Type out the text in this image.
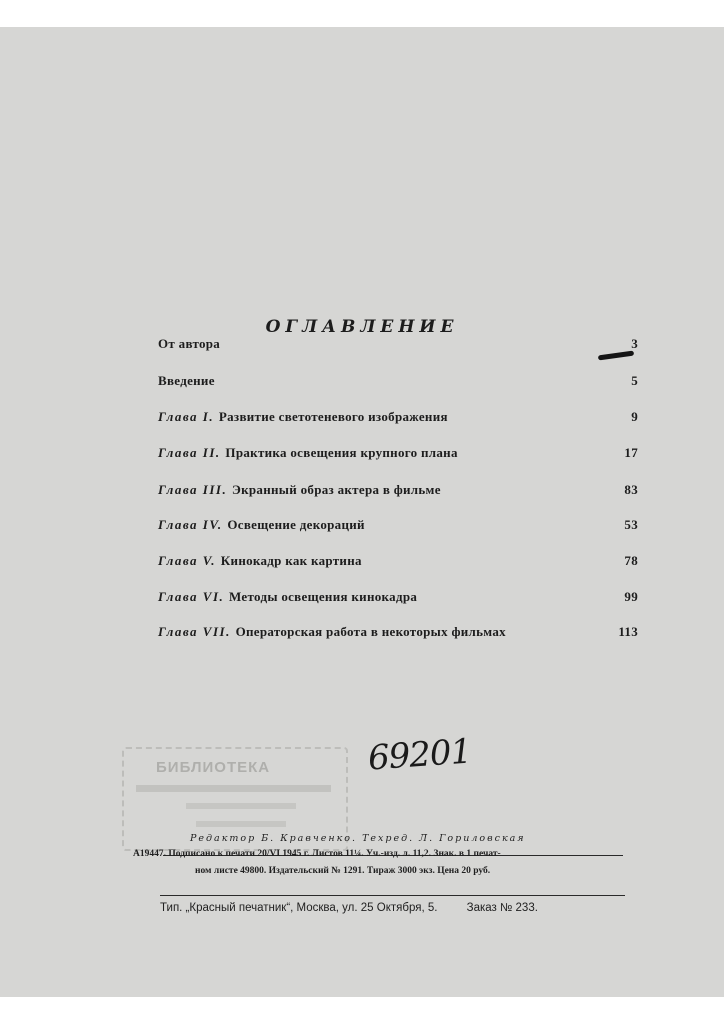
ОГЛАВЛЕНИЕ
От автора	3
Введение	5
Глава I. Развитие светотеневого изображения	9
Глава II. Практика освещения крупного плана	17
Глава III. Экранный образ актера в фильме	83
Глава IV. Освещение декораций	53
Глава V. Кинокадр как картина	78
Глава VI. Методы освещения кинокадра	99
Глава VII. Операторская работа в некоторых фильмах	113
БИБЛИОТЕКА	69201
Редактор Б. Кравченко. Техред. Л. Гориловская
А19447. Подписано к печати 20/VI 1945 г. Листов 11¼. Уч.-изд. л. 11,2. Знак. в 1 печат-
ном листе 49800. Издательский № 1291. Тираж 3000 экз. Цена 20 руб.
Тип. „Красный печатник“, Москва, ул. 25 Октября, 5.	Заказ № 233.
